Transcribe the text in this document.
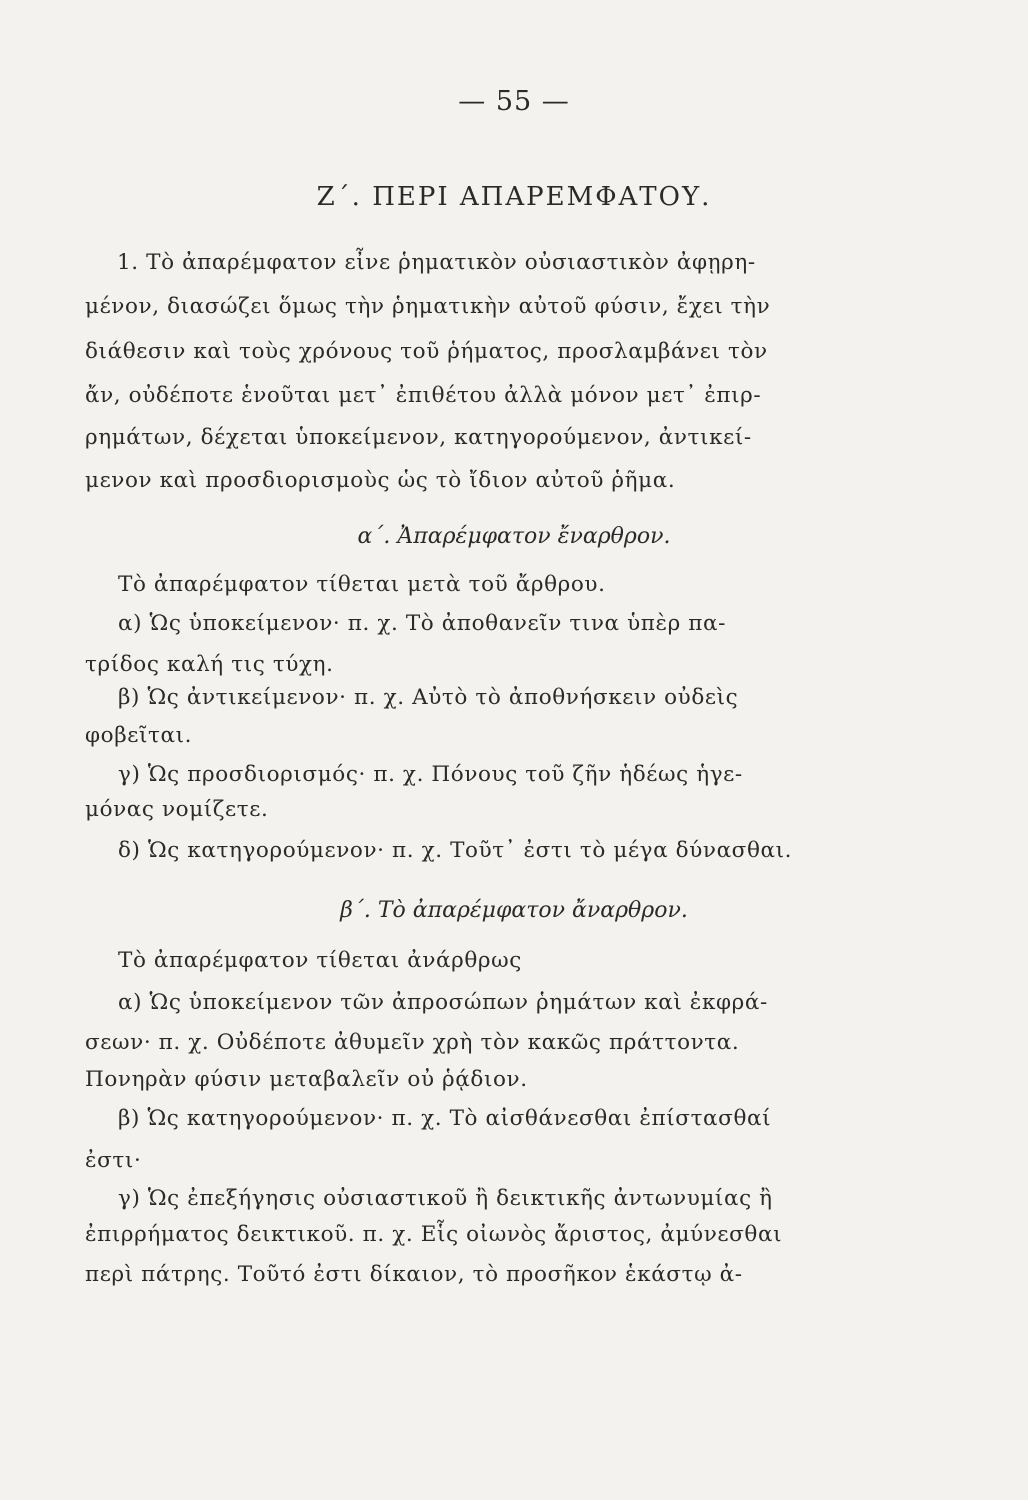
— 55 —
Ζ΄. ΠΕΡΙ ΑΠΑΡΕΜΦΑΤΟΥ.
1. Τὸ ἀπαρέμφατον εἶνε ῥηματικὸν οὐσιαστικὸν ἀφῃρη-
μένον, διασώζει ὅμως τὴν ῥηματικὴν αὐτοῦ φύσιν, ἔχει τὴν
διάθεσιν καὶ τοὺς χρόνους τοῦ ῥήματος, προσλαμβάνει τὸν
ἄν, οὐδέποτε ἑνοῦται μετ᾽ ἐπιθέτου ἀλλὰ μόνον μετ᾽ ἐπιρ-
ρημάτων, δέχεται ὑποκείμενον, κατηγορούμενον, ἀντικεί-
μενον καὶ προσδιορισμοὺς ὡς τὸ ἴδιον αὐτοῦ ῥῆμα.
α΄. Ἀπαρέμφατον ἔναρθρον.
Τὸ ἀπαρέμφατον τίθεται μετὰ τοῦ ἄρθρου.
α) Ὡς ὑποκείμενον· π. χ. Τὸ ἀποθανεῖν τινα ὑπὲρ πα-
τρίδος καλή τις τύχη.
β) Ὡς ἀντικείμενον· π. χ. Αὐτὸ τὸ ἀποθνήσκειν οὐδεὶς
φοβεῖται.
γ) Ὡς προσδιορισμός· π. χ. Πόνους τοῦ ζῆν ἡδέως ἡγε-
μόνας νομίζετε.
δ) Ὡς κατηγορούμενον· π. χ. Τοῦτ᾽ ἐστι τὸ μέγα δύνασθαι.
β΄. Τὸ ἀπαρέμφατον ἄναρθρον.
Τὸ ἀπαρέμφατον τίθεται ἀνάρθρως
α) Ὡς ὑποκείμενον τῶν ἀπροσώπων ῥημάτων καὶ ἐκφρά-
σεων· π. χ. Οὐδέποτε ἀθυμεῖν χρὴ τὸν κακῶς πράττοντα.
Πονηρὰν φύσιν μεταβαλεῖν οὐ ῥᾴδιον.
β) Ὡς κατηγορούμενον· π. χ. Τὸ αἰσθάνεσθαι ἐπίστασθαί
ἐστι·
γ) Ὡς ἐπεξήγησις οὐσιαστικοῦ ἢ δεικτικῆς ἀντωνυμίας ἢ
ἐπιρρήματος δεικτικοῦ. π. χ. Εἷς οἰωνὸς ἄριστος, ἀμύνεσθαι
περὶ πάτρης. Τοῦτό ἐστι δίκαιον, τὸ προσῆκον ἑκάστῳ ἀ-
